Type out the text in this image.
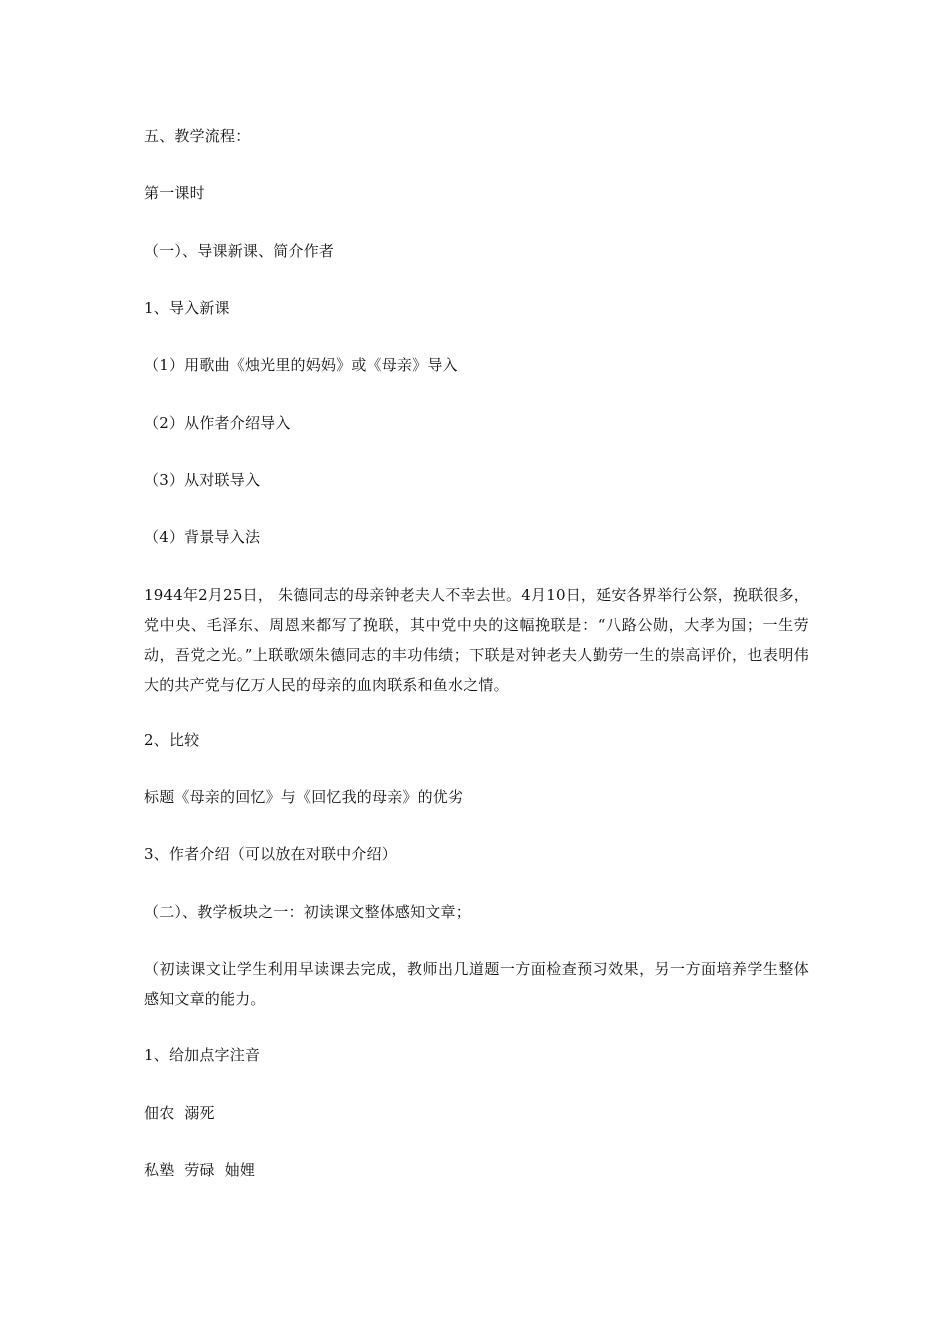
五、教学流程：
第一课时
（一）、导课新课、简介作者
1、导入新课
（1）用歌曲《烛光里的妈妈》或《母亲》导入
（2）从作者介绍导入
（3）从对联导入
（4）背景导入法
1944年2月25日， 朱德同志的母亲钟老夫人不幸去世。4月10日，延安各界举行公祭，挽联很多，党中央、毛泽东、周恩来都写了挽联，其中党中央的这幅挽联是：“八路公勋，大孝为国；一生劳动，吾党之光。”上联歌颂朱德同志的丰功伟绩；下联是对钟老夫人勤劳一生的崇高评价，也表明伟大的共产党与亿万人民的母亲的血肉联系和鱼水之情。
2、比较
标题《母亲的回忆》与《回忆我的母亲》的优劣
3、作者介绍（可以放在对联中介绍）
（二）、教学板块之一：初读课文整体感知文章；
（初读课文让学生利用早读课去完成，教师出几道题一方面检查预习效果，另一方面培养学生整体感知文章的能力。
1、给加点字注音
佃农  溺死
私塾  劳碌  妯娌
